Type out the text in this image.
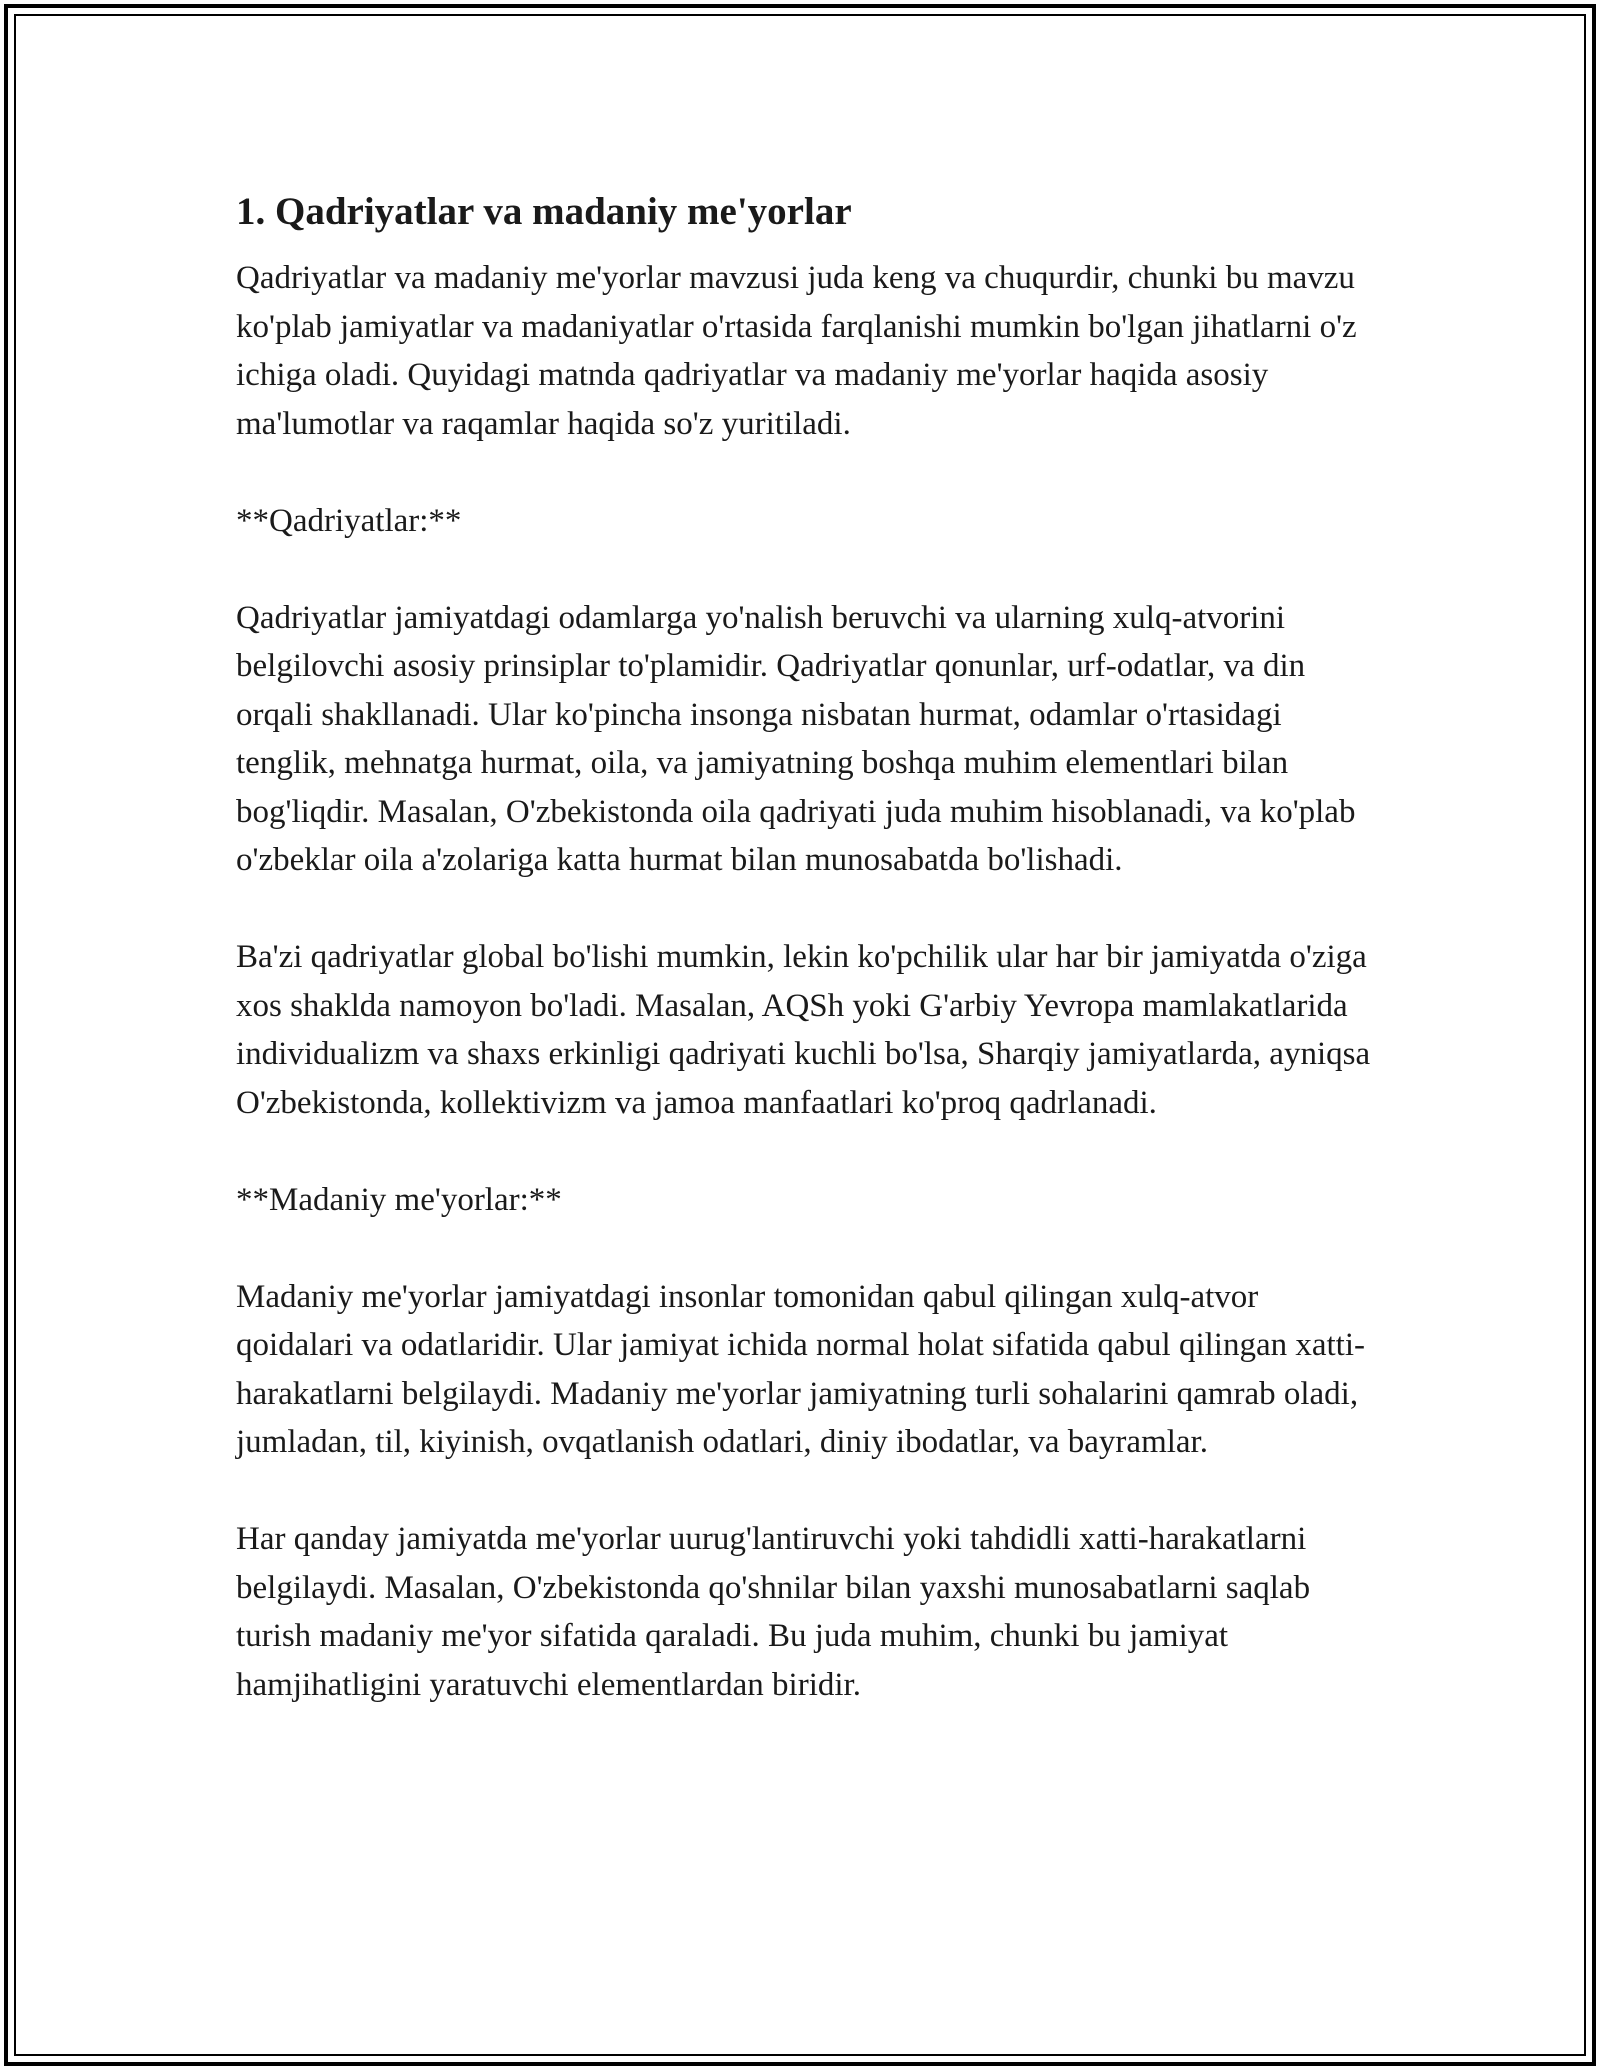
1. Qadriyatlar va madaniy me'yorlar

Qadriyatlar va madaniy me'yorlar mavzusi juda keng va chuqurdir, chunki bu mavzu ko'plab jamiyatlar va madaniyatlar o'rtasida farqlanishi mumkin bo'lgan jihatlarni o'z ichiga oladi. Quyidagi matnda qadriyatlar va madaniy me'yorlar haqida asosiy ma'lumotlar va raqamlar haqida so'z yuritiladi.

**Qadriyatlar:**

Qadriyatlar jamiyatdagi odamlarga yo'nalish beruvchi va ularning xulq-atvorini belgilovchi asosiy prinsiplar to'plamidir. Qadriyatlar qonunlar, urf-odatlar, va din orqali shakllanadi. Ular ko'pincha insonga nisbatan hurmat, odamlar o'rtasidagi tenglik, mehnatga hurmat, oila, va jamiyatning boshqa muhim elementlari bilan bog'liqdir. Masalan, O'zbekistonda oila qadriyati juda muhim hisoblanadi, va ko'plab o'zbeklar oila a'zolariga katta hurmat bilan munosabatda bo'lishadi.

Ba'zi qadriyatlar global bo'lishi mumkin, lekin ko'pchilik ular har bir jamiyatda o'ziga xos shaklda namoyon bo'ladi. Masalan, AQSh yoki G'arbiy Yevropa mamlakatlarida individualizm va shaxs erkinligi qadriyati kuchli bo'lsa, Sharqiy jamiyatlarda, ayniqsa O'zbekistonda, kollektivizm va jamoa manfaatlari ko'proq qadrlanadi.

**Madaniy me'yorlar:**

Madaniy me'yorlar jamiyatdagi insonlar tomonidan qabul qilingan xulq-atvor qoidalari va odatlaridir. Ular jamiyat ichida normal holat sifatida qabul qilingan xatti-harakatlarni belgilaydi. Madaniy me'yorlar jamiyatning turli sohalarini qamrab oladi, jumladan, til, kiyinish, ovqatlanish odatlari, diniy ibodatlar, va bayramlar.

Har qanday jamiyatda me'yorlar uurug'lantiruvchi yoki tahdidli xatti-harakatlarni belgilaydi. Masalan, O'zbekistonda qo'shnilar bilan yaxshi munosabatlarni saqlab turish madaniy me'yor sifatida qaraladi. Bu juda muhim, chunki bu jamiyat hamjihatligini yaratuvchi elementlardan biridir.
